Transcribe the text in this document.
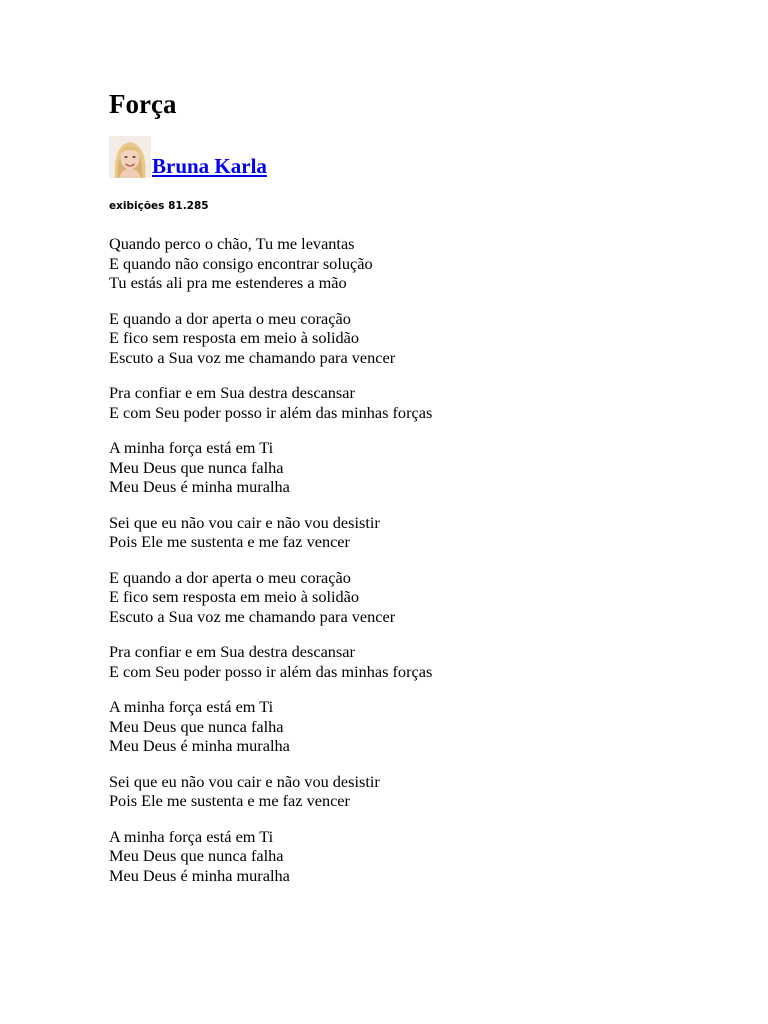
Força
Bruna Karla
exibições 81.285
Quando perco o chão, Tu me levantas
E quando não consigo encontrar solução
Tu estás ali pra me estenderes a mão
E quando a dor aperta o meu coração
E fico sem resposta em meio à solidão
Escuto a Sua voz me chamando para vencer
Pra confiar e em Sua destra descansar
E com Seu poder posso ir além das minhas forças
A minha força está em Ti
Meu Deus que nunca falha
Meu Deus é minha muralha
Sei que eu não vou cair e não vou desistir
Pois Ele me sustenta e me faz vencer
E quando a dor aperta o meu coração
E fico sem resposta em meio à solidão
Escuto a Sua voz me chamando para vencer
Pra confiar e em Sua destra descansar
E com Seu poder posso ir além das minhas forças
A minha força está em Ti
Meu Deus que nunca falha
Meu Deus é minha muralha
Sei que eu não vou cair e não vou desistir
Pois Ele me sustenta e me faz vencer
A minha força está em Ti
Meu Deus que nunca falha
Meu Deus é minha muralha
